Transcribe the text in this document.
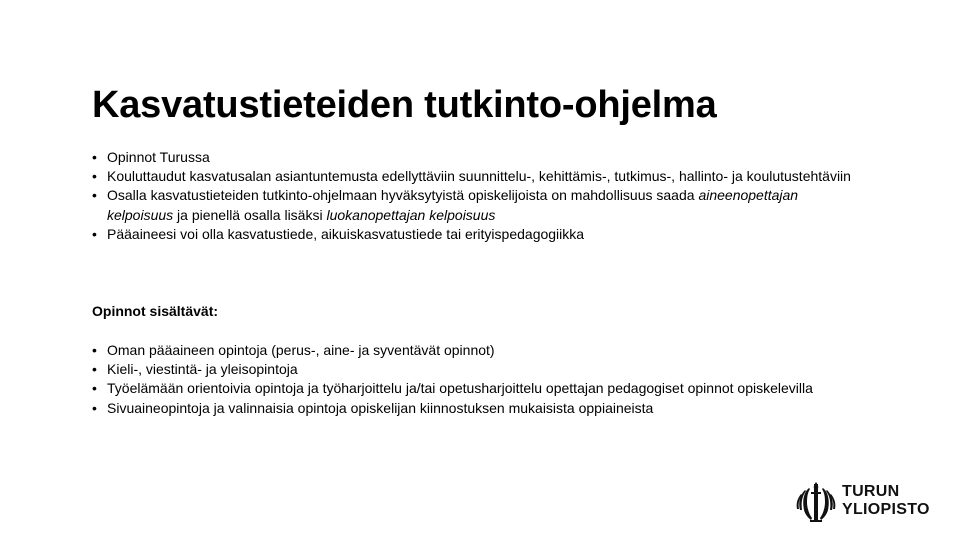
Kasvatustieteiden tutkinto-ohjelma
• Opinnot Turussa
• Kouluttaudut kasvatusalan asiantuntemusta edellyttäviin suunnittelu-, kehittämis-, tutkimus-, hallinto- ja koulutustehtäviin
• Osalla kasvatustieteiden tutkinto-ohjelmaan hyväksytyistä opiskelijoista on mahdollisuus saada aineenopettajan kelpoisuus ja pienellä osalla lisäksi luokanopettajan kelpoisuus
• Pääaineesi voi olla kasvatustiede, aikuiskasvatustiede tai erityispedagogiikka

Opinnot sisältävät:

• Oman pääaineen opintoja (perus-, aine- ja syventävät opinnot)
• Kieli-, viestintä- ja yleisopintoja
• Työelämään orientoivia opintoja ja työharjoittelu ja/tai opetusharjoittelu opettajan pedagogiset opinnot opiskelevilla
• Sivuaineopintoja ja valinnaisia opintoja opiskelijan kiinnostuksen mukaisista oppiaineista
TURUN
YLIOPISTO
